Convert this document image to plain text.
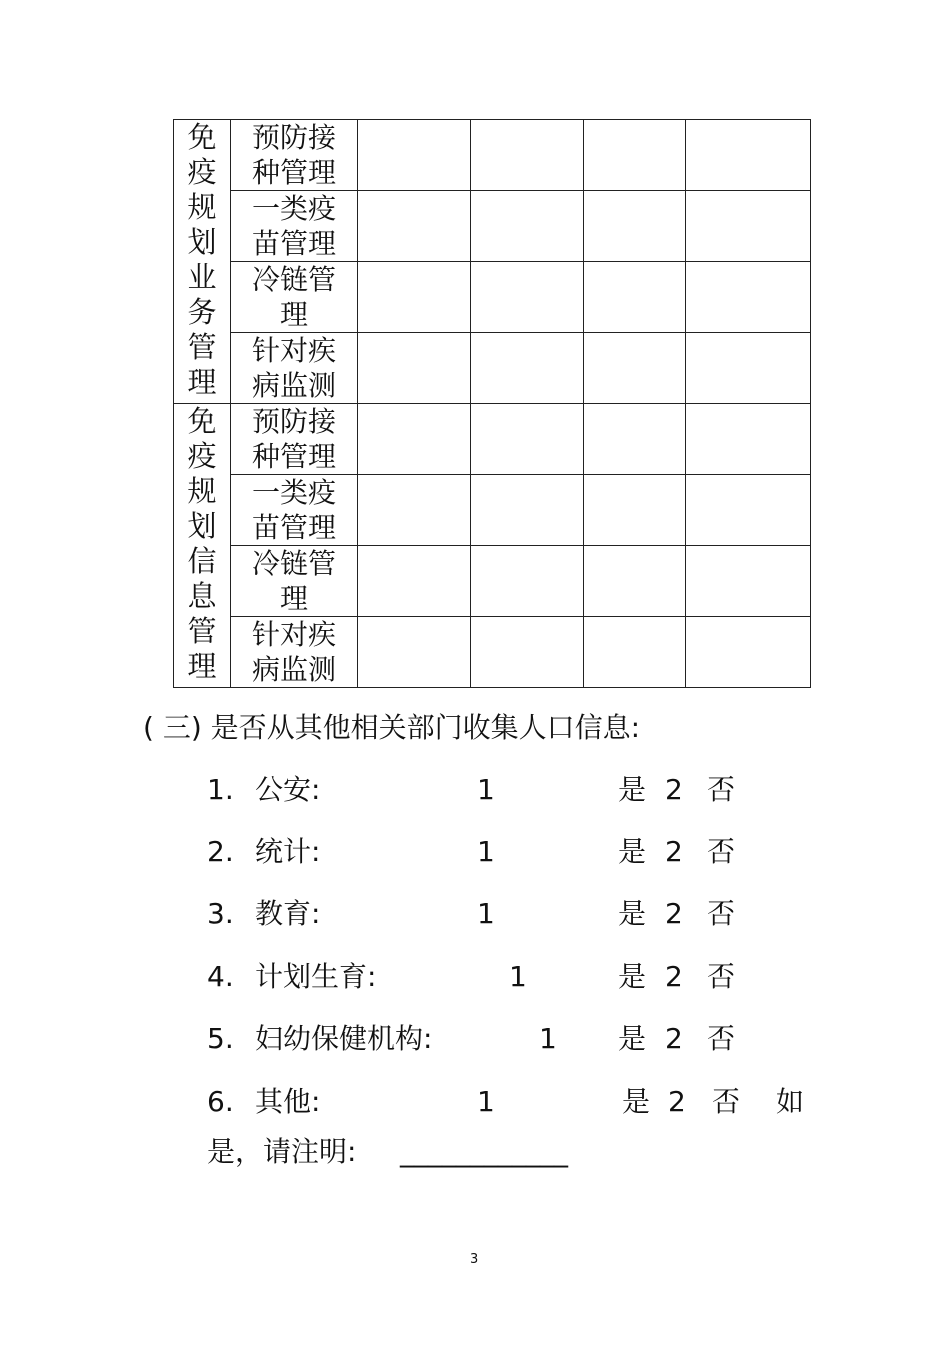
免疫规划业务管理	预防接
种管理				

	一类疫
苗管理				

	冷链管
理				

	针对疾
病监测				

免疫规划信息管理	预防接
种管理				

	一类疫
苗管理				

	冷链管
理				

	针对疾
病监测				

( 三) 是否从其他相关部门收集人口信息:
1. 公安:	1	是 2 否
2. 统计:	1	是 2 否
3. 教育:	1	是 2 否
4. 计划生育:	1	是 2 否
5. 妇幼保健机构:	1 是 2 否
6. 其他:	1	是 2 否 如
是，请注明: ____________
3
